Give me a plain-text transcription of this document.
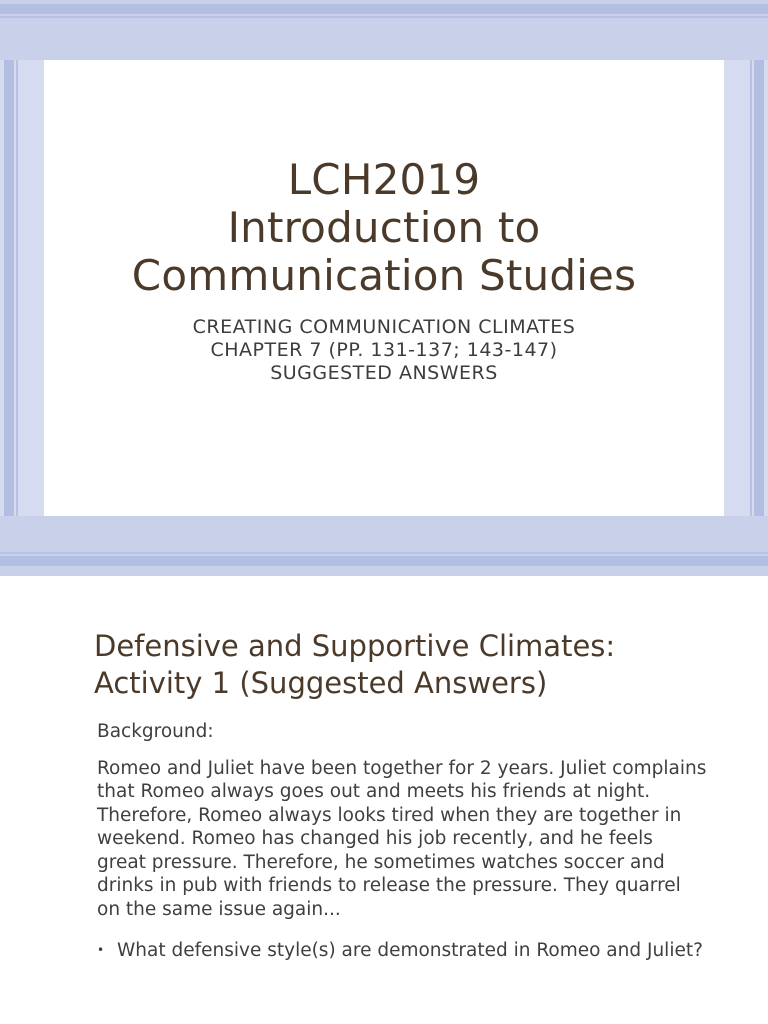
LCH2019
Introduction to
Communication Studies
CREATING COMMUNICATION CLIMATES
CHAPTER 7 (PP. 131-137; 143-147)
SUGGESTED ANSWERS
Defensive and Supportive Climates:
Activity 1 (Suggested Answers)

Background:

Romeo and Juliet have been together for 2 years. Juliet complains that Romeo always goes out and meets his friends at night. Therefore, Romeo always looks tired when they are together in weekend. Romeo has changed his job recently, and he feels great pressure. Therefore, he sometimes watches soccer and drinks in pub with friends to release the pressure. They quarrel on the same issue again...

• What defensive style(s) are demonstrated in Romeo and Juliet?
